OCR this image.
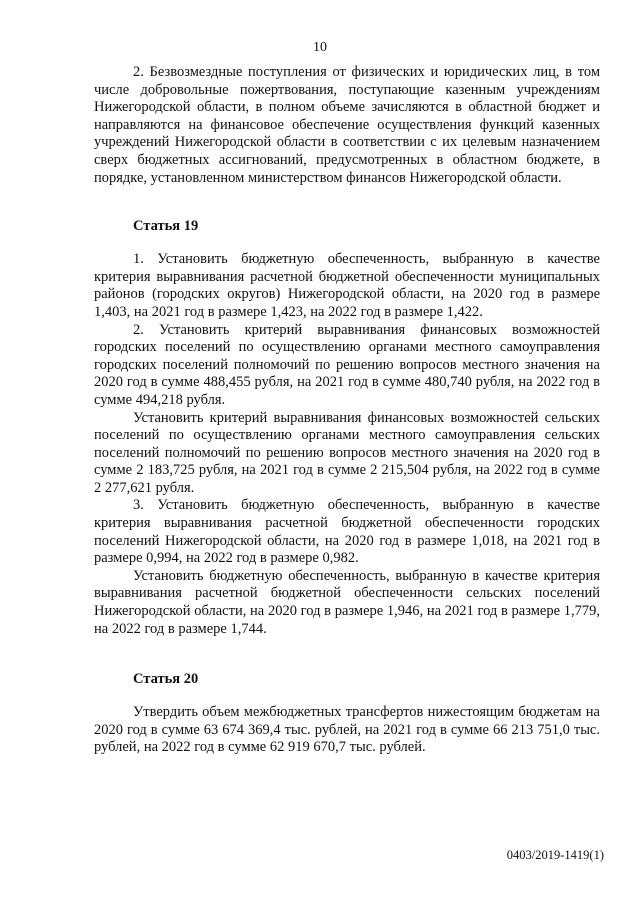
10

2. Безвозмездные поступления от физических и юридических лиц, в том числе добровольные пожертвования, поступающие казенным учреждениям Нижегородской области, в полном объеме зачисляются в областной бюджет и направляются на финансовое обеспечение осуществления функций казенных учреждений Нижегородской области в соответствии с их целевым назначением сверх бюджетных ассигнований, предусмотренных в областном бюджете, в порядке, установленном министерством финансов Нижегородской области.

Статья 19

1. Установить бюджетную обеспеченность, выбранную в качестве критерия выравнивания расчетной бюджетной обеспеченности муниципальных районов (городских округов) Нижегородской области, на 2020 год в размере 1,403, на 2021 год в размере 1,423, на 2022 год в размере 1,422.

2. Установить критерий выравнивания финансовых возможностей городских поселений по осуществлению органами местного самоуправления городских поселений полномочий по решению вопросов местного значения на 2020 год в сумме 488,455 рубля, на 2021 год в сумме 480,740 рубля, на 2022 год в сумме 494,218 рубля.

Установить критерий выравнивания финансовых возможностей сельских поселений по осуществлению органами местного самоуправления сельских поселений полномочий по решению вопросов местного значения на 2020 год в сумме 2 183,725 рубля, на 2021 год в сумме 2 215,504 рубля, на 2022 год в сумме 2 277,621 рубля.

3. Установить бюджетную обеспеченность, выбранную в качестве критерия выравнивания расчетной бюджетной обеспеченности городских поселений Нижегородской области, на 2020 год в размере 1,018, на 2021 год в размере 0,994, на 2022 год в размере 0,982.

Установить бюджетную обеспеченность, выбранную в качестве критерия выравнивания расчетной бюджетной обеспеченности сельских поселений Нижегородской области, на 2020 год в размере 1,946, на 2021 год в размере 1,779, на 2022 год в размере 1,744.

Статья 20

Утвердить объем межбюджетных трансфертов нижестоящим бюджетам на 2020 год в сумме 63 674 369,4 тыс. рублей, на 2021 год в сумме 66 213 751,0 тыс. рублей, на 2022 год в сумме 62 919 670,7 тыс. рублей.

0403/2019-1419(1)
